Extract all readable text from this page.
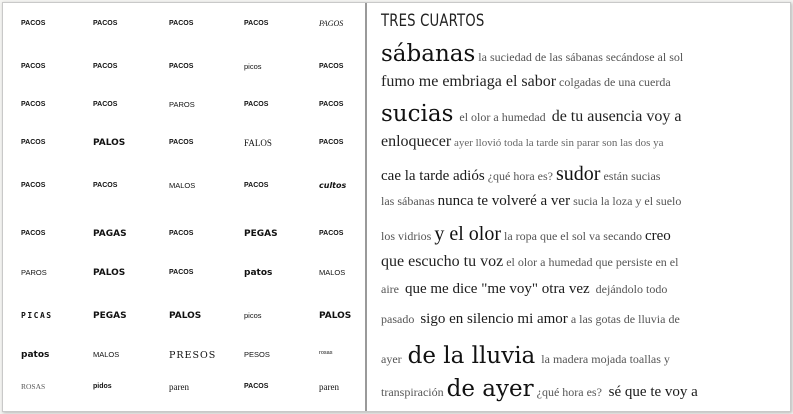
PACOS	PACOS	PACOS	PACOS	PAGOS
PACOS	PACOS	PACOS	picos	PACOS
PACOS	PACOS	PAROS	PACOS	PACOS
PACOS	PALOS	PACOS	FALOS	PACOS
PACOS	PACOS	MALOS	PACOS	cultos
PACOS	PAGAS	PACOS	PEGAS	PACOS
PAROS	PALOS	PACOS	patos	MALOS
PICAS	PEGAS	PALOS	picos	PALOS
patos	MALOS	PRESOS	PESOS	rosas
ROSAS	pidos	paren	PACOS	paren
TRES CUARTOS
sábanas la suciedad de las sábanas secándose al sol
fumo me embriaga el sabor colgadas de una cuerda
sucias el olor a humedad de tu ausencia voy a
enloquecer ayer llovió toda la tarde sin parar son las dos ya
cae la tarde adiós ¿qué hora es? sudor están sucias
las sábanas nunca te volveré a ver sucia la loza y el suelo
los vidrios y el olor la ropa que el sol va secando creo
que escucho tu voz el olor a humedad que persiste en el
aire que me dice "me voy" otra vez dejándolo todo
pasado sigo en silencio mi amor a las gotas de lluvia de
ayer de la lluvia la madera mojada toallas y
transpiración de ayer ¿qué hora es? sé que te voy a
